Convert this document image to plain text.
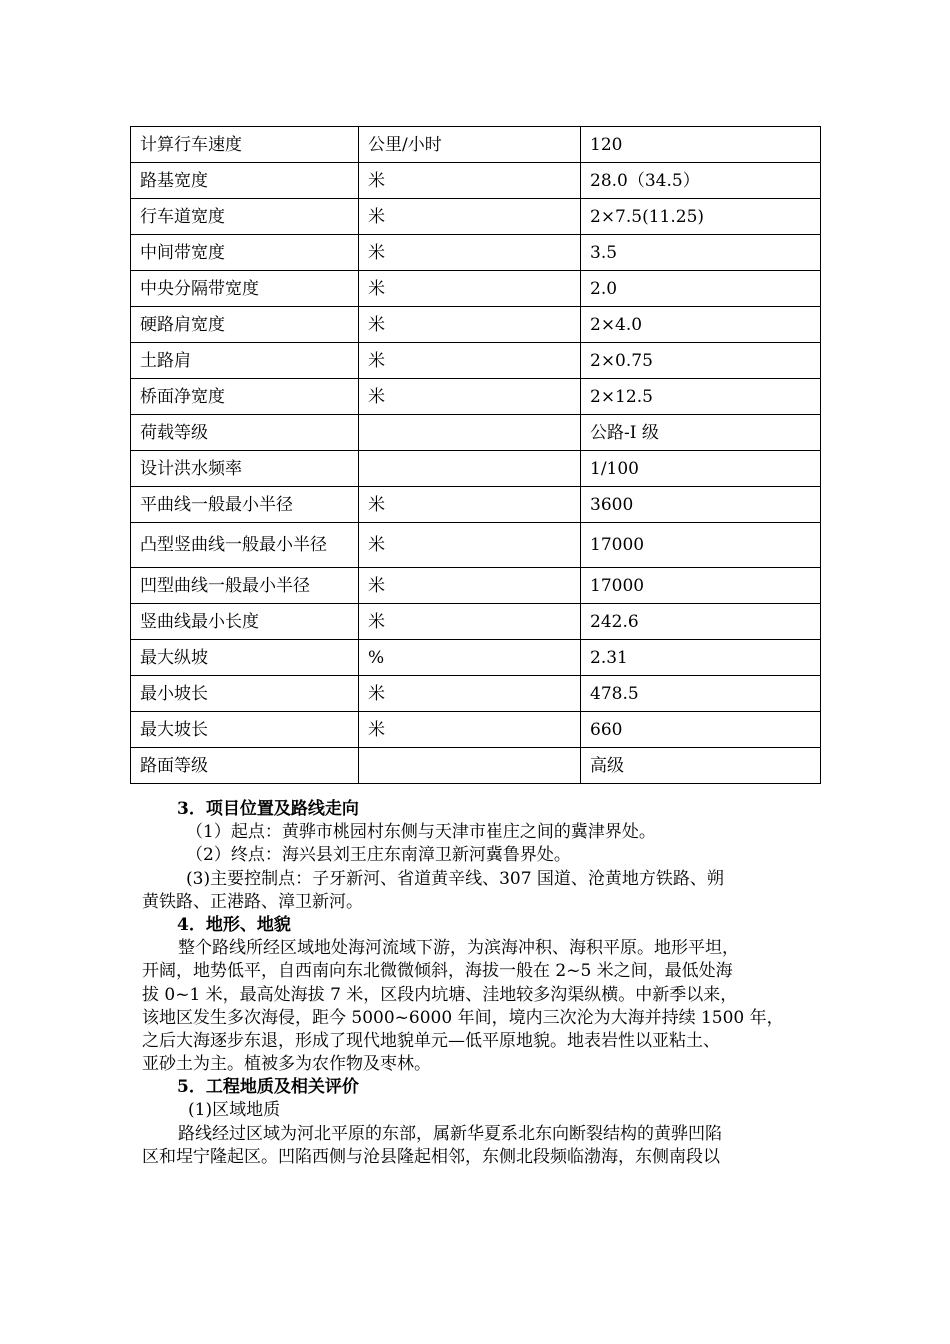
计算行车速度	公里/小时	120
路基宽度	米	28.0（34.5）
行车道宽度	米	2×7.5(11.25)
中间带宽度	米	3.5
中央分隔带宽度	米	2.0
硬路肩宽度	米	2×4.0
土路肩	米	2×0.75
桥面净宽度	米	2×12.5
荷载等级		公路-I 级
设计洪水频率		1/100
平曲线一般最小半径	米	3600
凸型竖曲线一般最小半径	米	17000
凹型曲线一般最小半径	米	17000
竖曲线最小长度	米	242.6
最大纵坡	%	2.31
最小坡长	米	478.5
最大坡长	米	660
路面等级		高级
3．项目位置及路线走向
（1）起点：黄骅市桃园村东侧与天津市崔庄之间的冀津界处。
（2）终点：海兴县刘王庄东南漳卫新河冀鲁界处。
(3)主要控制点：子牙新河、省道黄辛线、307 国道、沧黄地方铁路、朔
黄铁路、正港路、漳卫新河。
4．地形、地貌
整个路线所经区域地处海河流域下游，为滨海冲积、海积平原。地形平坦，
开阔，地势低平，自西南向东北微微倾斜，海拔一般在 2~5 米之间，最低处海
拔 0~1 米，最高处海拔 7 米，区段内坑塘、洼地较多沟渠纵横。中新季以来，
该地区发生多次海侵，距今 5000~6000 年间，境内三次沦为大海并持续 1500 年，
之后大海逐步东退，形成了现代地貌单元—低平原地貌。地表岩性以亚粘土、
亚砂土为主。植被多为农作物及枣林。
5．工程地质及相关评价
(1)区域地质
路线经过区域为河北平原的东部，属新华夏系北东向断裂结构的黄骅凹陷
区和埕宁隆起区。凹陷西侧与沧县隆起相邻，东侧北段频临渤海，东侧南段以
